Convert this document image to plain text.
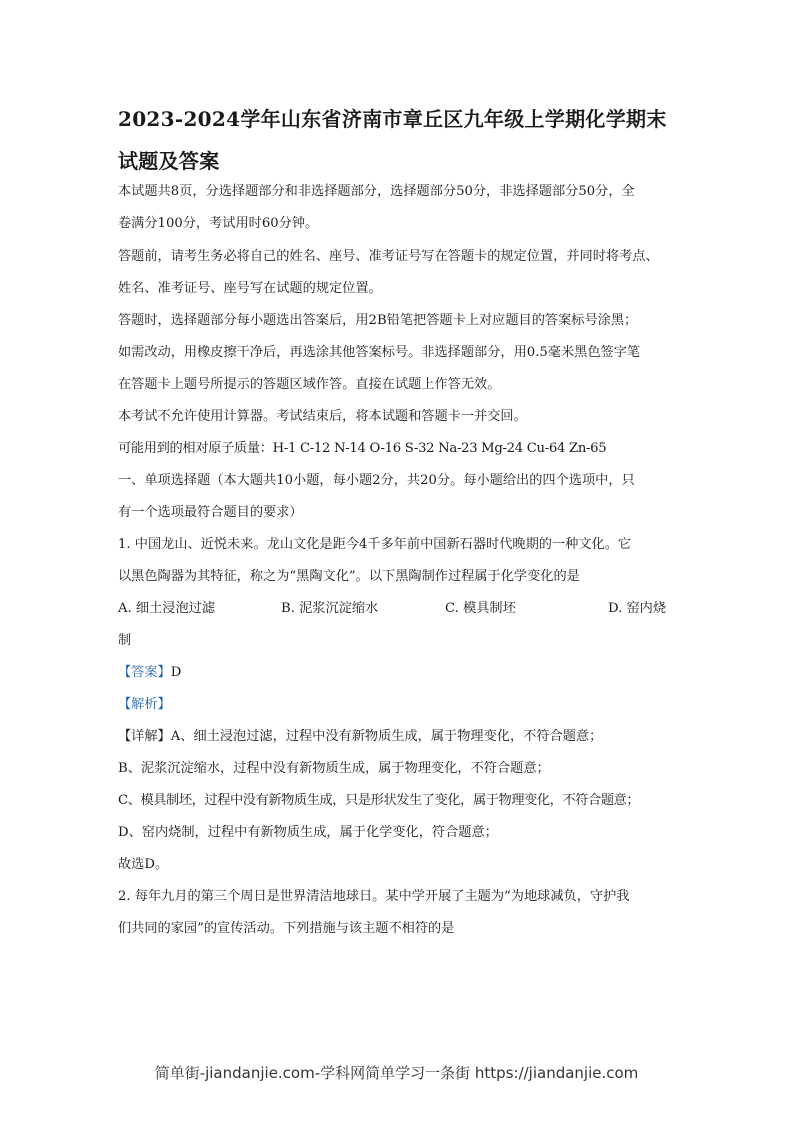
2023-2024学年山东省济南市章丘区九年级上学期化学期末
试题及答案
本试题共8页，分选择题部分和非选择题部分，选择题部分50分，非选择题部分50分，全
卷满分100分，考试用时60分钟。
答题前，请考生务必将自己的姓名、座号、准考证号写在答题卡的规定位置，并同时将考点、
姓名、准考证号、座号写在试题的规定位置。
答题时，选择题部分每小题选出答案后，用2B铅笔把答题卡上对应题目的答案标号涂黑；
如需改动，用橡皮擦干净后，再选涂其他答案标号。非选择题部分，用0.5毫米黑色签字笔
在答题卡上题号所提示的答题区域作答。直接在试题上作答无效。
本考试不允许使用计算器。考试结束后，将本试题和答题卡一并交回。
可能用到的相对原子质量：H-1 C-12 N-14 O-16 S-32 Na-23 Mg-24 Cu-64 Zn-65
一、单项选择题（本大题共10小题，每小题2分，共20分。每小题给出的四个选项中，只
有一个选项最符合题目的要求）
1. 中国龙山、近悦未来。龙山文化是距今4千多年前中国新石器时代晚期的一种文化。它
以黑色陶器为其特征，称之为“黑陶文化”。以下黑陶制作过程属于化学变化的是
A. 细土浸泡过滤	B. 泥浆沉淀缩水	C. 模具制坯	D. 窑内烧
制
【答案】D
【解析】
【详解】A、细土浸泡过滤，过程中没有新物质生成，属于物理变化，不符合题意；
B、泥浆沉淀缩水，过程中没有新物质生成，属于物理变化，不符合题意；
C、模具制坯，过程中没有新物质生成，只是形状发生了变化，属于物理变化，不符合题意；
D、窑内烧制，过程中有新物质生成，属于化学变化，符合题意；
故选D。
2. 每年九月的第三个周日是世界清洁地球日。某中学开展了主题为“为地球减负，守护我
们共同的家园”的宣传活动。下列措施与该主题不相符的是
简单街-jiandanjie.com-学科网简单学习一条街 https://jiandanjie.com
